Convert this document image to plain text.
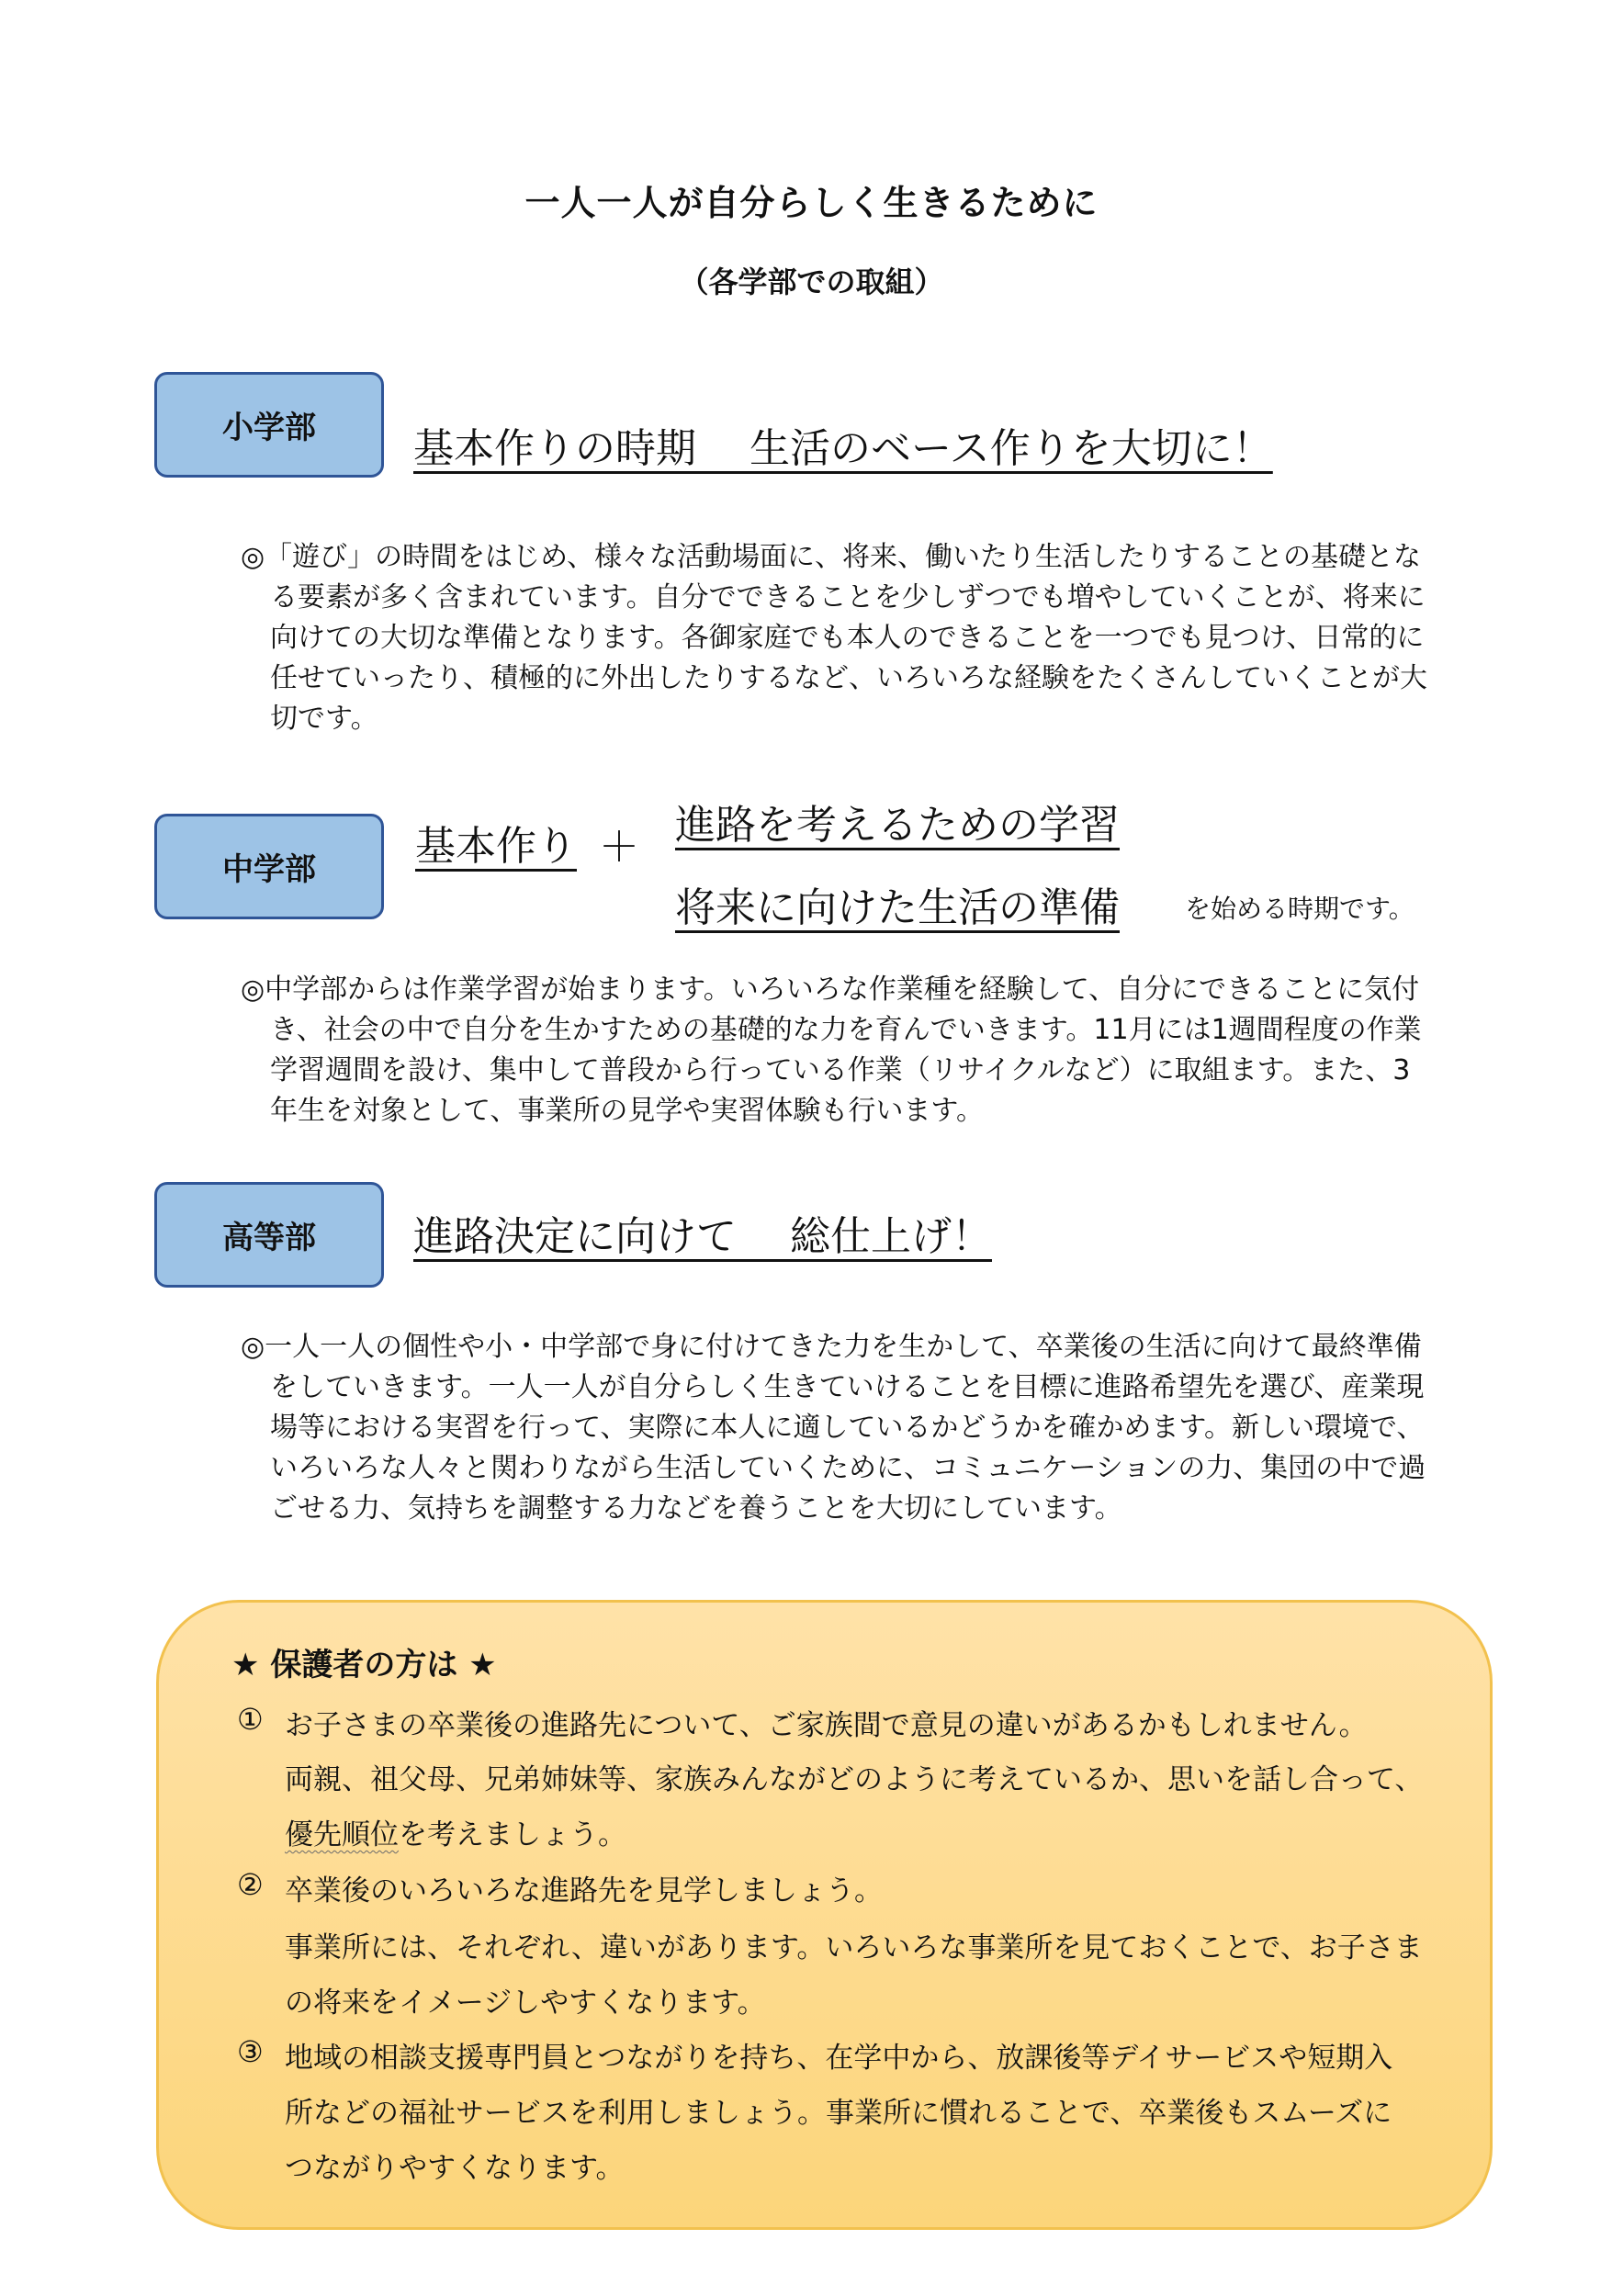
一人一人が自分らしく生きるために
（各学部での取組）
小学部	基本作りの時期　 生活のベース作りを大切に！
◎「遊び」の時間をはじめ、様々な活動場面に、将来、働いたり生活したりすることの基礎となる要素が多く含まれています。自分でできることを少しずつでも増やしていくことが、将来に向けての大切な準備となります。各御家庭でも本人のできることを一つでも見つけ、日常的に任せていったり、積極的に外出したりするなど、いろいろな経験をたくさんしていくことが大切です。
中学部	基本作り ＋ 進路を考えるための学習
将来に向けた生活の準備	を始める時期です。
◎中学部からは作業学習が始まります。いろいろな作業種を経験して、自分にできることに気付き、社会の中で自分を生かすための基礎的な力を育んでいきます。11月には1週間程度の作業学習週間を設け、集中して普段から行っている作業（リサイクルなど）に取組ます。また、3年生を対象として、事業所の見学や実習体験も行います。
高等部	進路決定に向けて　 総仕上げ！
◎一人一人の個性や小・中学部で身に付けてきた力を生かして、卒業後の生活に向けて最終準備をしていきます。一人一人が自分らしく生きていけることを目標に進路希望先を選び、産業現場等における実習を行って、実際に本人に適しているかどうかを確かめます。新しい環境で、いろいろな人々と関わりながら生活していくために、コミュニケーションの力、集団の中で過ごせる力、気持ちを調整する力などを養うことを大切にしています。
★ 保護者の方は ★
① お子さまの卒業後の進路先について、ご家族間で意見の違いがあるかもしれません。
両親、祖父母、兄弟姉妹等、家族みんながどのように考えているか、思いを話し合って、
優先順位を考えましょう。
② 卒業後のいろいろな進路先を見学しましょう。
事業所には、それぞれ、違いがあります。いろいろな事業所を見ておくことで、お子さま
の将来をイメージしやすくなります。
③ 地域の相談支援専門員とつながりを持ち、在学中から、放課後等デイサービスや短期入
所などの福祉サービスを利用しましょう。事業所に慣れることで、卒業後もスムーズに
つながりやすくなります。
